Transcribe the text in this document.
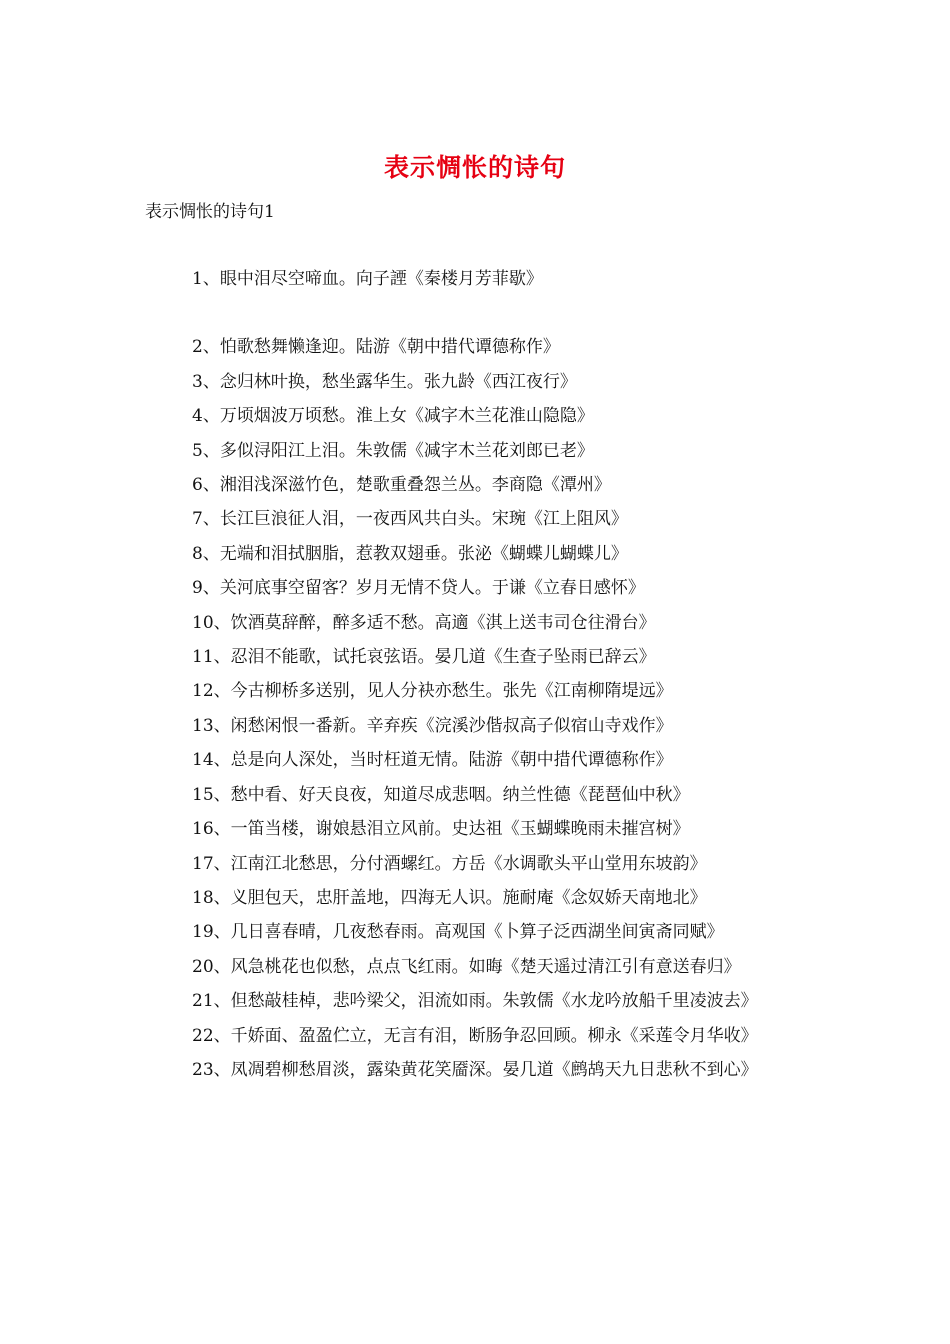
表示惆怅的诗句
表示惆怅的诗句1
1、眼中泪尽空啼血。向子諲《秦楼月芳菲歇》
2、怕歌愁舞懒逢迎。陆游《朝中措代谭德称作》
3、念归林叶换，愁坐露华生。张九龄《西江夜行》
4、万顷烟波万顷愁。淮上女《减字木兰花淮山隐隐》
5、多似浔阳江上泪。朱敦儒《减字木兰花刘郎已老》
6、湘泪浅深滋竹色，楚歌重叠怨兰丛。李商隐《潭州》
7、长江巨浪征人泪，一夜西风共白头。宋琬《江上阻风》
8、无端和泪拭胭脂，惹教双翅垂。张泌《蝴蝶儿蝴蝶儿》
9、关河底事空留客？岁月无情不贷人。于谦《立春日感怀》
10、饮酒莫辞醉，醉多适不愁。高適《淇上送韦司仓往滑台》
11、忍泪不能歌，试托哀弦语。晏几道《生查子坠雨已辞云》
12、今古柳桥多送别，见人分袂亦愁生。张先《江南柳隋堤远》
13、闲愁闲恨一番新。辛弃疾《浣溪沙偕叔高子似宿山寺戏作》
14、总是向人深处，当时枉道无情。陆游《朝中措代谭德称作》
15、愁中看、好天良夜，知道尽成悲咽。纳兰性德《琵琶仙中秋》
16、一笛当楼，谢娘悬泪立风前。史达祖《玉蝴蝶晚雨未摧宫树》
17、江南江北愁思，分付酒螺红。方岳《水调歌头平山堂用东坡韵》
18、义胆包天，忠肝盖地，四海无人识。施耐庵《念奴娇天南地北》
19、几日喜春晴，几夜愁春雨。高观国《卜算子泛西湖坐间寅斋同赋》
20、风急桃花也似愁，点点飞红雨。如晦《楚天遥过清江引有意送春归》
21、但愁敲桂棹，悲吟梁父，泪流如雨。朱敦儒《水龙吟放船千里凌波去》
22、千娇面、盈盈伫立，无言有泪，断肠争忍回顾。柳永《采莲令月华收》
23、凤凋碧柳愁眉淡，露染黄花笑靥深。晏几道《鹧鸪天九日悲秋不到心》
